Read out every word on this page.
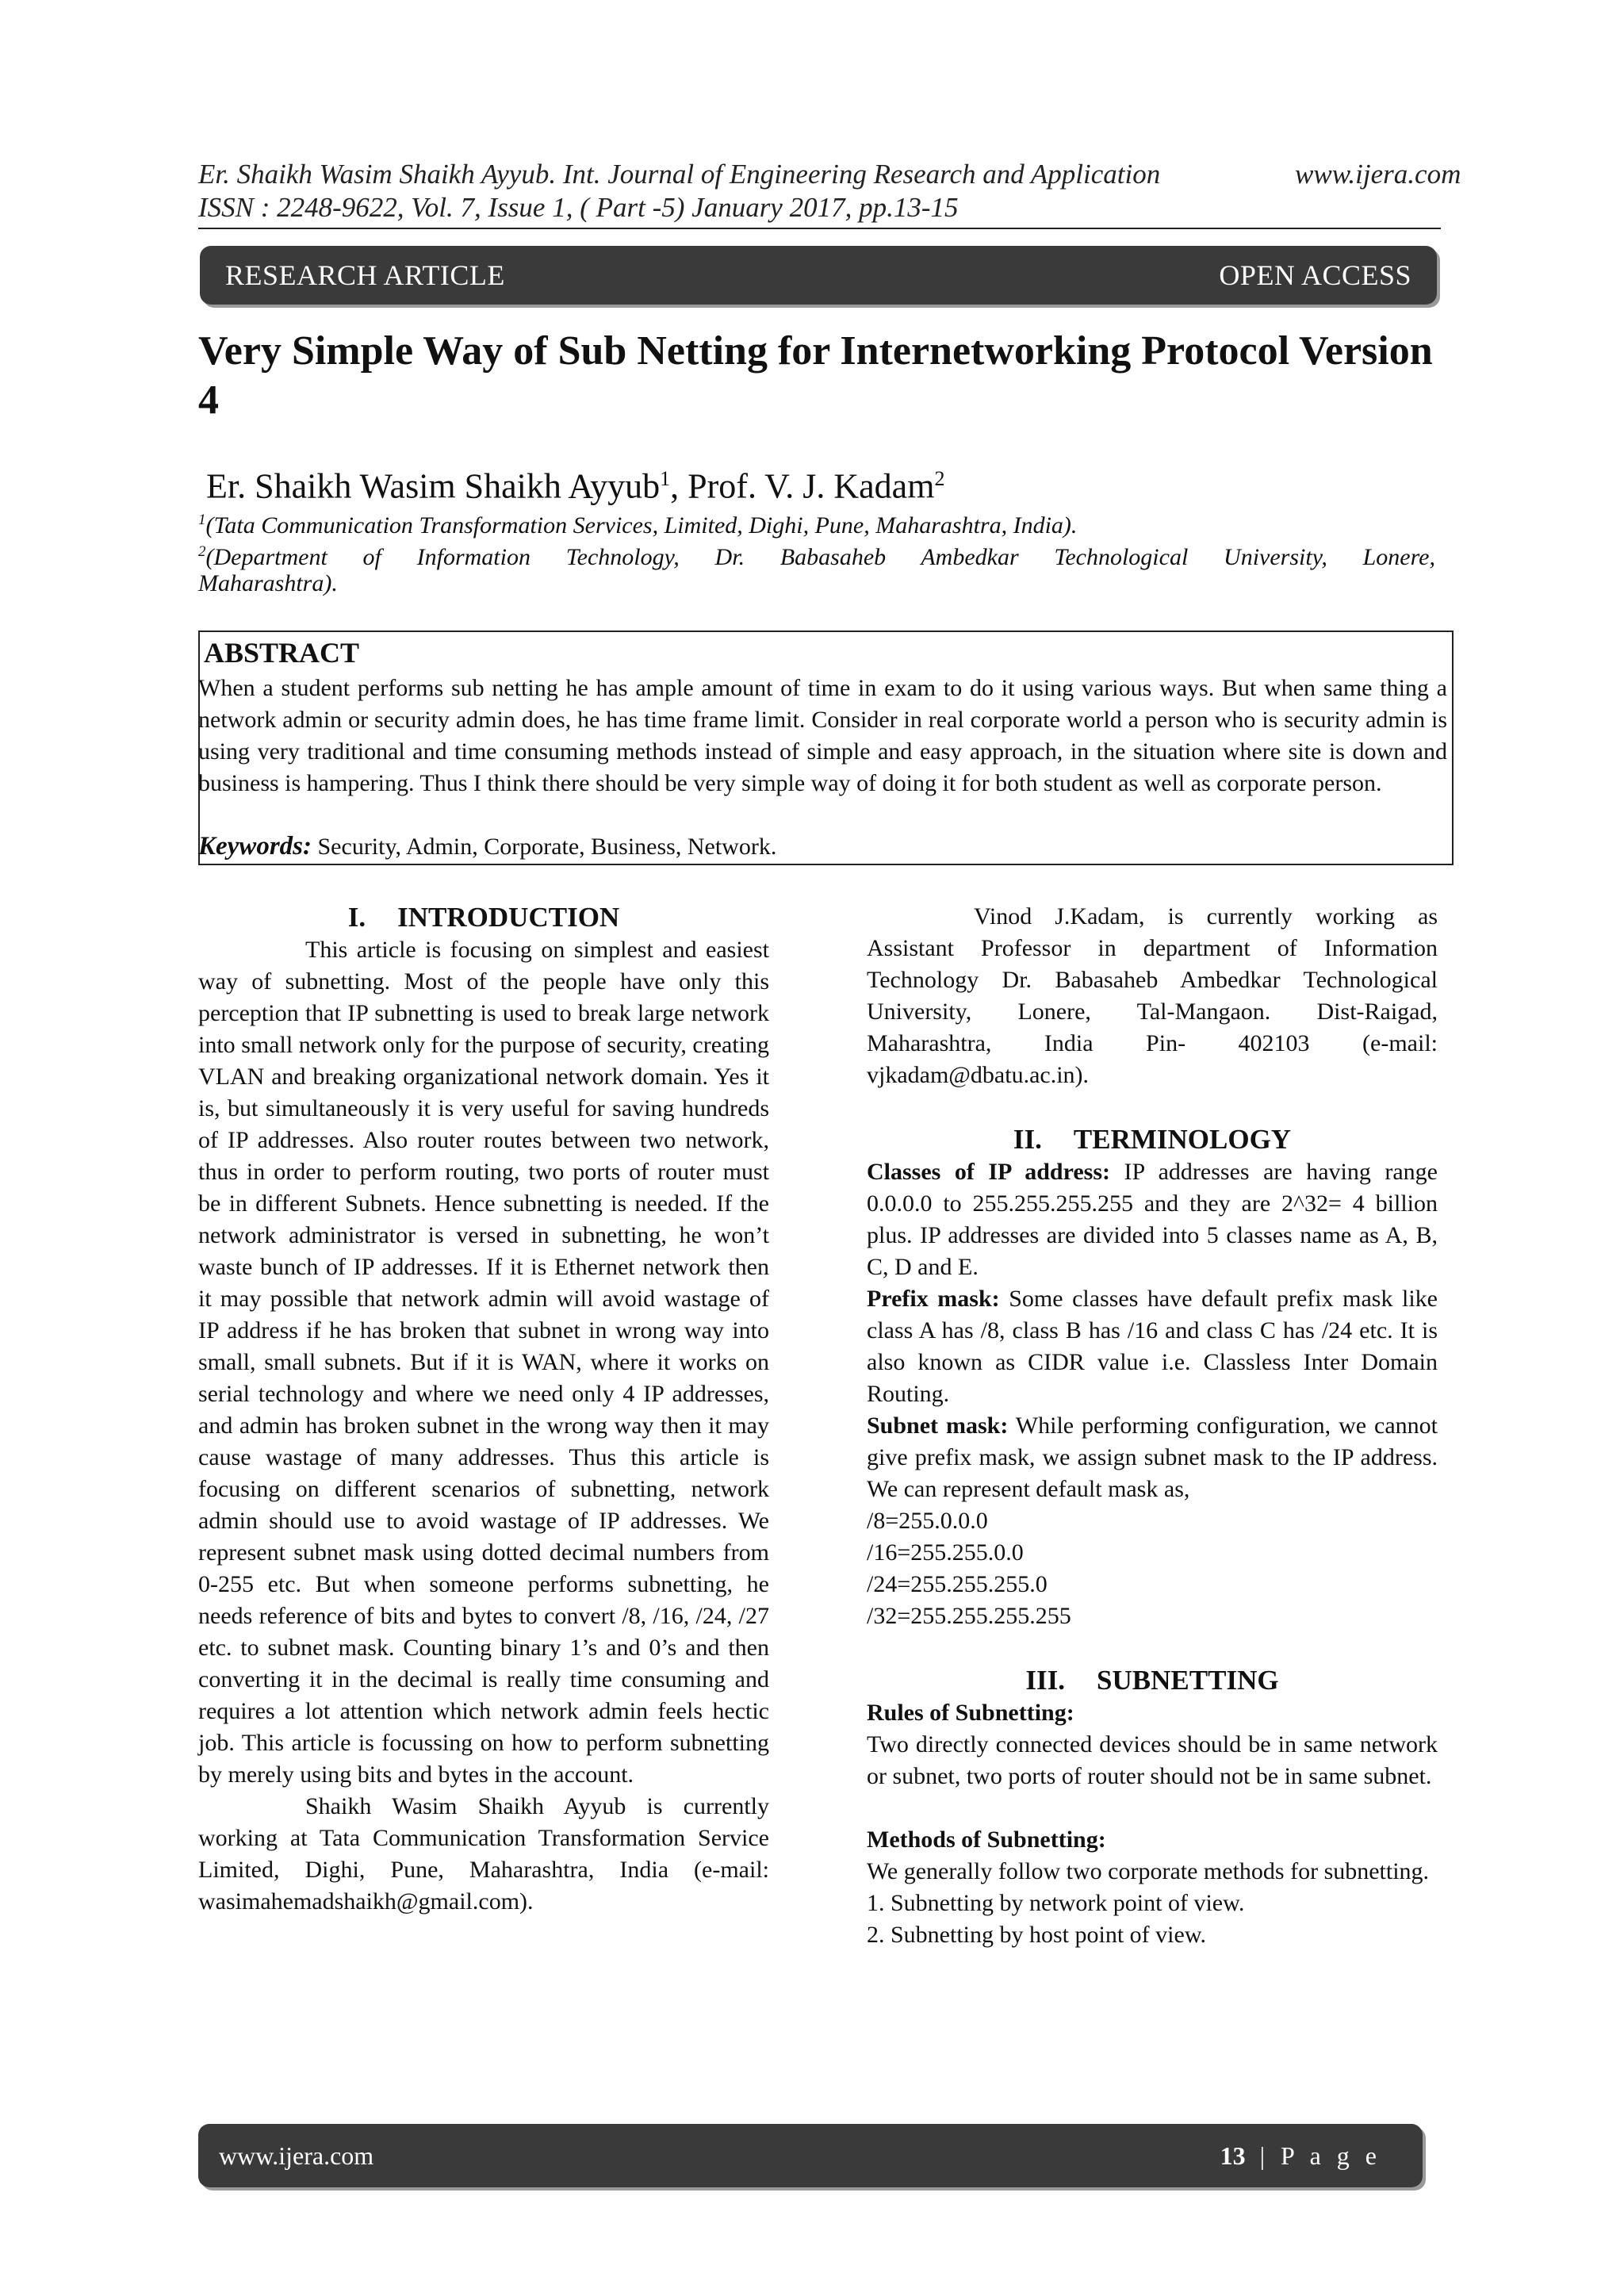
Er. Shaikh Wasim Shaikh Ayyub. Int. Journal of Engineering Research and Application	www.ijera.com
ISSN : 2248-9622, Vol. 7, Issue 1, ( Part -5) January 2017, pp.13-15
RESEARCH ARTICLE	OPEN ACCESS
Very Simple Way of Sub Netting for Internetworking Protocol Version 4
Er. Shaikh Wasim Shaikh Ayyub$^1$, Prof. V. J. Kadam$^2$
$^1$(Tata Communication Transformation Services, Limited, Dighi, Pune, Maharashtra, India).
$^2$(Department of Information Technology, Dr. Babasaheb Ambedkar Technological University, Lonere,
Maharashtra).
ABSTRACT
When a student performs sub netting he has ample amount of time in exam to do it using various ways. But when same thing a network admin or security admin does, he has time frame limit. Consider in real corporate world a person who is security admin is using very traditional and time consuming methods instead of simple and easy approach, in the situation where site is down and business is hampering. Thus I think there should be very simple way of doing it for both student as well as corporate person.
Keywords: Security, Admin, Corporate, Business, Network.
I. INTRODUCTION

This article is focusing on simplest and easiest way of subnetting. Most of the people have only this perception that IP subnetting is used to break large network into small network only for the purpose of security, creating VLAN and breaking organizational network domain. Yes it is, but simultaneously it is very useful for saving hundreds of IP addresses. Also router routes between two network, thus in order to perform routing, two ports of router must be in different Subnets. Hence subnetting is needed. If the network administrator is versed in subnetting, he won’t waste bunch of IP addresses. If it is Ethernet network then it may possible that network admin will avoid wastage of IP address if he has broken that subnet in wrong way into small, small subnets. But if it is WAN, where it works on serial technology and where we need only 4 IP addresses, and admin has broken subnet in the wrong way then it may cause wastage of many addresses. Thus this article is focusing on different scenarios of subnetting, network admin should use to avoid wastage of IP addresses. We represent subnet mask using dotted decimal numbers from 0-255 etc. But when someone performs subnetting, he needs reference of bits and bytes to convert /8, /16, /24, /27 etc. to subnet mask. Counting binary 1’s and 0’s and then converting it in the decimal is really time consuming and requires a lot attention which network admin feels hectic job. This article is focussing on how to perform subnetting by merely using bits and bytes in the account.

Shaikh Wasim Shaikh Ayyub is currently working at Tata Communication Transformation Service Limited, Dighi, Pune, Maharashtra, India (e-mail: wasimahemadshaikh@gmail.com).

Vinod J.Kadam, is currently working as Assistant Professor in department of Information Technology Dr. Babasaheb Ambedkar Technological University, Lonere, Tal-Mangaon. Dist-Raigad, Maharashtra, India Pin- 402103 (e-mail: vjkadam@dbatu.ac.in).

II. TERMINOLOGY

Classes of IP address: IP addresses are having range 0.0.0.0 to 255.255.255.255 and they are 2^32= 4 billion plus. IP addresses are divided into 5 classes name as A, B, C, D and E.

Prefix mask: Some classes have default prefix mask like class A has /8, class B has /16 and class C has /24 etc. It is also known as CIDR value i.e. Classless Inter Domain Routing.

Subnet mask: While performing configuration, we cannot give prefix mask, we assign subnet mask to the IP address. We can represent default mask as,

/8=255.0.0.0

/16=255.255.0.0

/24=255.255.255.0

/32=255.255.255.255

III. SUBNETTING

Rules of Subnetting:

Two directly connected devices should be in same network or subnet, two ports of router should not be in same subnet.

Methods of Subnetting:

We generally follow two corporate methods for subnetting.

1. Subnetting by network point of view.

2. Subnetting by host point of view.

www.ijera.com	13 | P a g e
